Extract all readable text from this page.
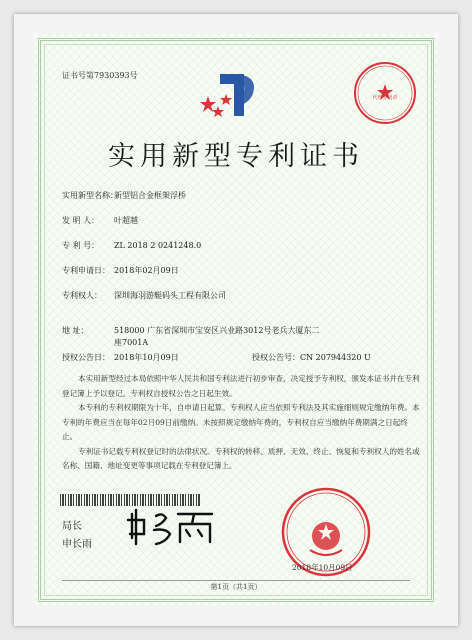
证书号第7930393号
代理专用章
实用新型专利证书
实用新型名称：新型铝合金框架浮桥
发 明 人： 叶超越
专 利 号： ZL 2018 2 0241248.0
专利申请日： 2018年02月09日
专利权人： 深圳海羽游艇码头工程有限公司
地 址：	518000 广东省深圳市宝安区兴业路3012号老兵大厦东二
座7001A
授权公告日： 2018年10月09日	授权公告号：CN 207944320 U

本实用新型经过本局依照中华人民共和国专利法进行初步审查，决定授予专利权，颁发本证书并在专利登记簿上予以登记。专利权自授权公告之日起生效。

本专利的专利权期限为十年，自申请日起算。专利权人应当依照专利法及其实施细则规定缴纳年费。本专利的年费应当在每年02月09日前缴纳。未按照规定缴纳年费的，专利权自应当缴纳年费期满之日起终止。

专利证书记载专利权登记时的法律状况。专利权的转移、质押、无效、终止、恢复和专利权人的姓名或名称、国籍、地址变更等事项记载在专利登记簿上。

局长
申长雨
2018年10月09日
第1页（共1页）
